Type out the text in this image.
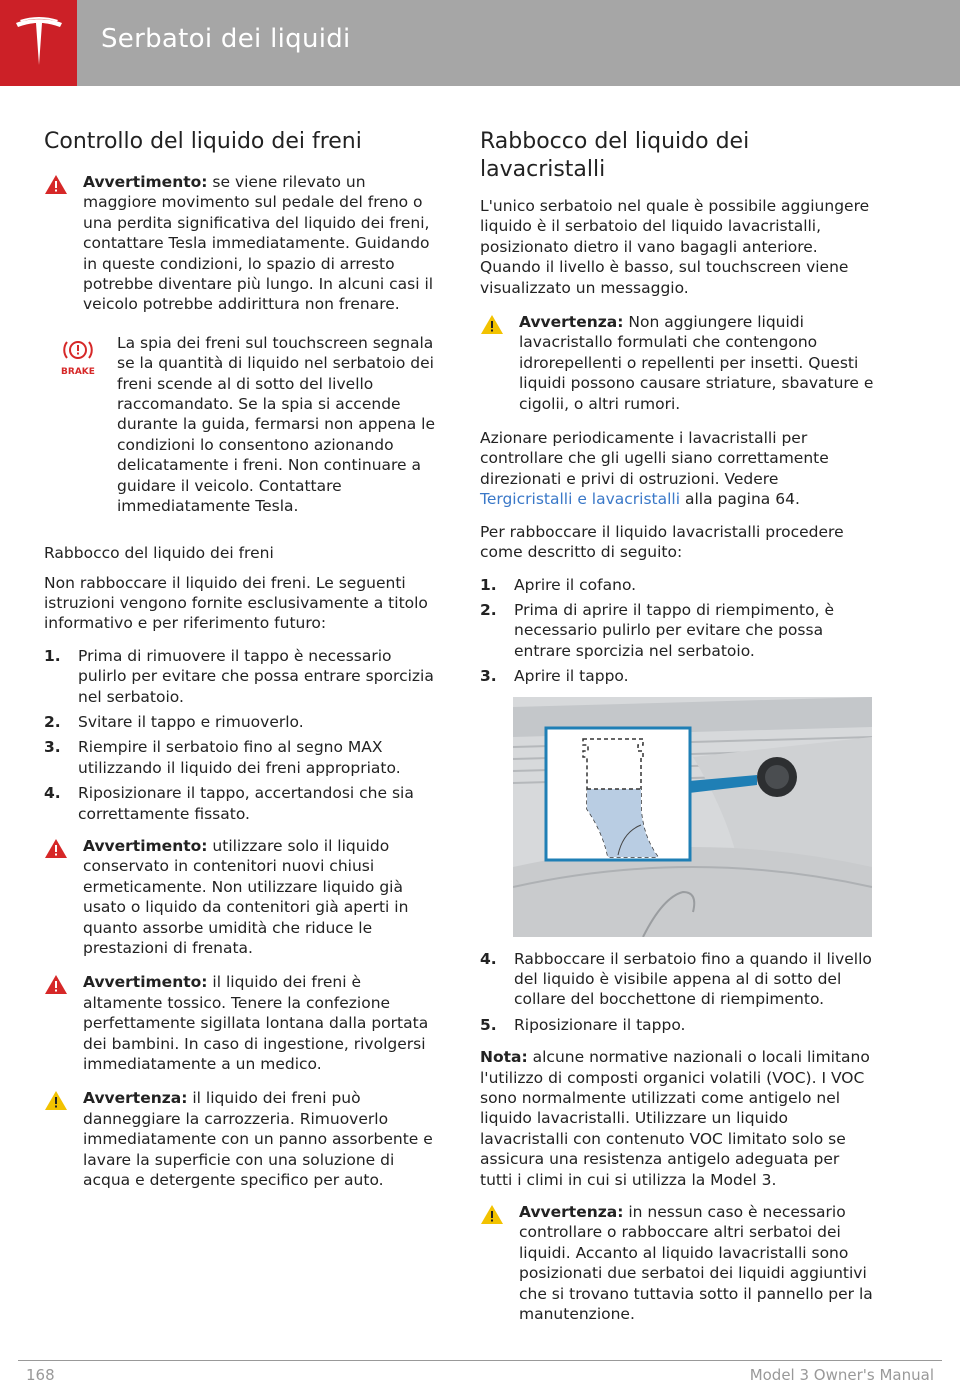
Serbatoi dei liquidi
Controllo del liquido dei freni
Avvertimento: se viene rilevato un maggiore movimento sul pedale del freno o una perdita significativa del liquido dei freni, contattare Tesla immediatamente. Guidando in queste condizioni, lo spazio di arresto potrebbe diventare più lungo. In alcuni casi il veicolo potrebbe addirittura non frenare.
BRAKE
La spia dei freni sul touchscreen segnala se la quantità di liquido nel serbatoio dei freni scende al di sotto del livello raccomandato. Se la spia si accende durante la guida, fermarsi non appena le condizioni lo consentono azionando delicatamente i freni. Non continuare a guidare il veicolo. Contattare immediatamente Tesla.
Rabbocco del liquido dei freni

Non rabboccare il liquido dei freni. Le seguenti istruzioni vengono fornite esclusivamente a titolo informativo e per riferimento futuro:

1. Prima di rimuovere il tappo è necessario pulirlo per evitare che possa entrare sporcizia nel serbatoio.
2. Svitare il tappo e rimuoverlo.
3. Riempire il serbatoio fino al segno MAX utilizzando il liquido dei freni appropriato.
4. Riposizionare il tappo, accertandosi che sia correttamente fissato.
Avvertimento: utilizzare solo il liquido conservato in contenitori nuovi chiusi ermeticamente. Non utilizzare liquido già usato o liquido da contenitori già aperti in quanto assorbe umidità che riduce le prestazioni di frenata.
Avvertimento: il liquido dei freni è altamente tossico. Tenere la confezione perfettamente sigillata lontana dalla portata dei bambini. In caso di ingestione, rivolgersi immediatamente a un medico.
Avvertenza: il liquido dei freni può danneggiare la carrozzeria. Rimuoverlo immediatamente con un panno assorbente e lavare la superficie con una soluzione di acqua e detergente specifico per auto.
Rabbocco del liquido dei lavacristalli

L'unico serbatoio nel quale è possibile aggiungere liquido è il serbatoio del liquido lavacristalli, posizionato dietro il vano bagagli anteriore. Quando il livello è basso, sul touchscreen viene visualizzato un messaggio.

Avvertenza: Non aggiungere liquidi lavacristallo formulati che contengono idrorepellenti o repellenti per insetti. Questi liquidi possono causare striature, sbavature e cigolii, o altri rumori.

Azionare periodicamente i lavacristalli per controllare che gli ugelli siano correttamente direzionati e privi di ostruzioni. Vedere Tergicristalli e lavacristalli alla pagina 64.

Per rabboccare il liquido lavacristalli procedere come descritto di seguito:

1. Aprire il cofano.
2. Prima di aprire il tappo di riempimento, è necessario pulirlo per evitare che possa entrare sporcizia nel serbatoio.
3. Aprire il tappo.
4. Rabboccare il serbatoio fino a quando il livello del liquido è visibile appena al di sotto del collare del bocchettone di riempimento.
5. Riposizionare il tappo.

Nota: alcune normative nazionali o locali limitano l'utilizzo di composti organici volatili (VOC). I VOC sono normalmente utilizzati come antigelo nel liquido lavacristalli. Utilizzare un liquido lavacristalli con contenuto VOC limitato solo se assicura una resistenza antigelo adeguata per tutti i climi in cui si utilizza la Model 3.

Avvertenza: in nessun caso è necessario controllare o rabboccare altri serbatoi dei liquidi. Accanto al liquido lavacristalli sono posizionati due serbatoi dei liquidi aggiuntivi che si trovano tuttavia sotto il pannello per la manutenzione.
168	Model 3 Owner's Manual
